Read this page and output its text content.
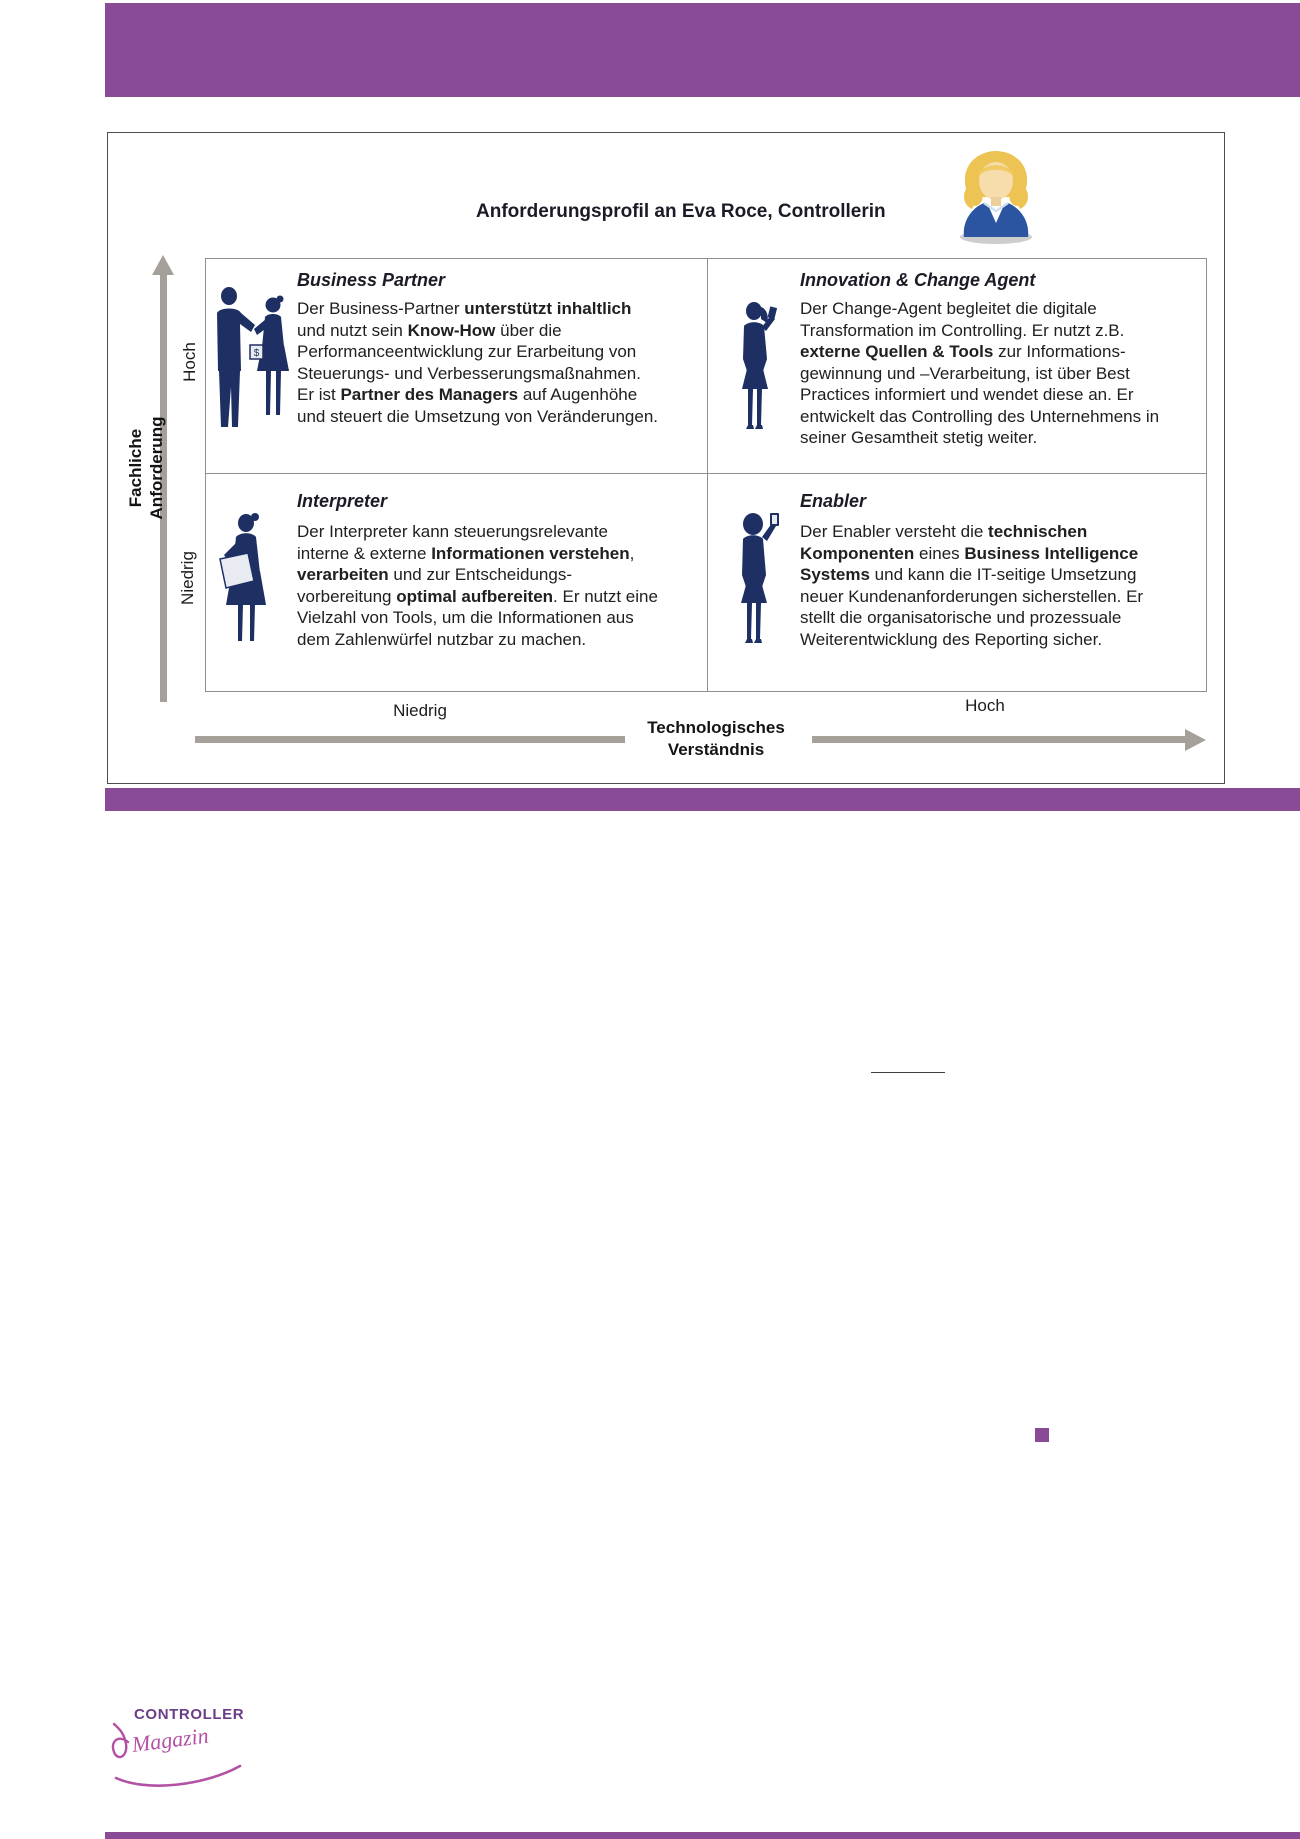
Anforderungsprofil an Eva Roce, Controllerin
Fachliche Anforderung
Hoch
Niedrig
$
Business Partner
Der Business-Partner unterstützt inhaltlich
und nutzt sein Know-How über die
Performanceentwicklung zur Erarbeitung von
Steuerungs- und Verbesserungsmaßnahmen.
Er ist Partner des Managers auf Augenhöhe
und steuert die Umsetzung von Veränderungen.
Innovation & Change Agent
Der Change-Agent begleitet die digitale
Transformation im Controlling. Er nutzt z.B.
externe Quellen & Tools zur Informations-
gewinnung und –Verarbeitung, ist über Best
Practices informiert und wendet diese an. Er
entwickelt das Controlling des Unternehmens in
seiner Gesamtheit stetig weiter.
Interpreter
Der Interpreter kann steuerungsrelevante
interne & externe Informationen verstehen,
verarbeiten und zur Entscheidungs-
vorbereitung optimal aufbereiten. Er nutzt eine
Vielzahl von Tools, um die Informationen aus
dem Zahlenwürfel nutzbar zu machen.
Enabler
Der Enabler versteht die technischen
Komponenten eines Business Intelligence
Systems und kann die IT-seitige Umsetzung
neuer Kundenanforderungen sicherstellen. Er
stellt die organisatorische und prozessuale
Weiterentwicklung des Reporting sicher.
Niedrig	Hoch
Technologisches
Verständnis
CONTROLLER
Magazin
